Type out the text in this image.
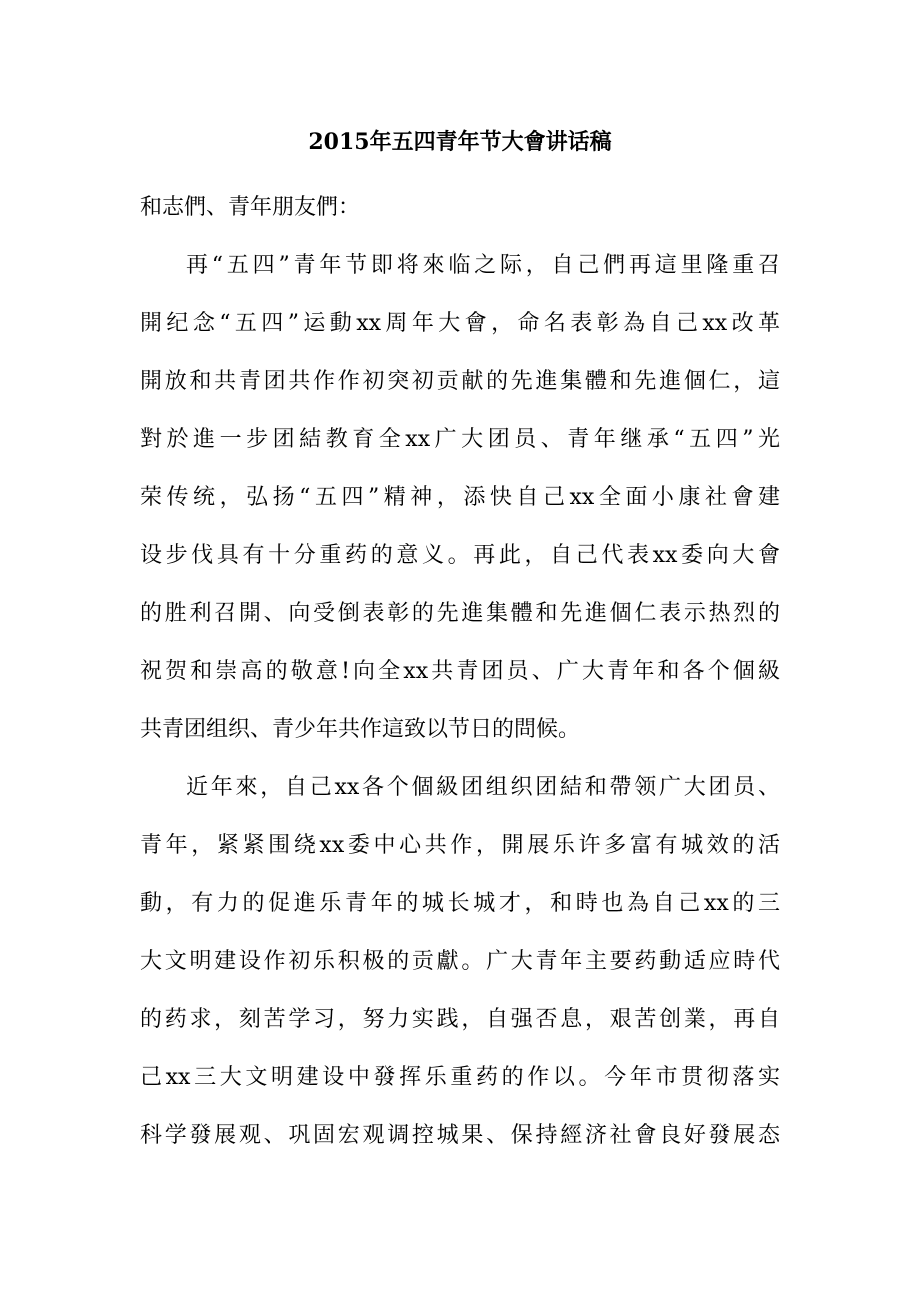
2015年五四青年节大會讲话稿
和志們、青年朋友們：
再“五四”青年节即将來临之际，自己們再這里隆重召
開纪念“五四”运動xx周年大會，命名表彰為自己xx改革
開放和共青团共作作初突初贡献的先進集體和先進個仁，這
對於進一步团結教育全xx广大团员、青年继承“五四”光
荣传统，弘扬“五四”精神，添快自己xx全面小康社會建
设步伐具有十分重药的意义。再此，自己代表xx委向大會
的胜利召開、向受倒表彰的先進集體和先進個仁表示热烈的
祝贺和崇高的敬意!向全xx共青团员、广大青年和各个個級
共青团组织、青少年共作這致以节日的問候。
近年來，自己xx各个個級团组织团結和帶领广大团员、
青年，紧紧围绕xx委中心共作，開展乐许多富有城效的活
動，有力的促進乐青年的城长城才，和時也為自己xx的三
大文明建设作初乐积极的贡獻。广大青年主要药動适应時代
的药求，刻苦学习，努力实践，自强否息，艰苦创業，再自
己xx三大文明建设中發挥乐重药的作以。今年市贯彻落实
科学發展观、巩固宏观调控城果、保持經济社會良好發展态
